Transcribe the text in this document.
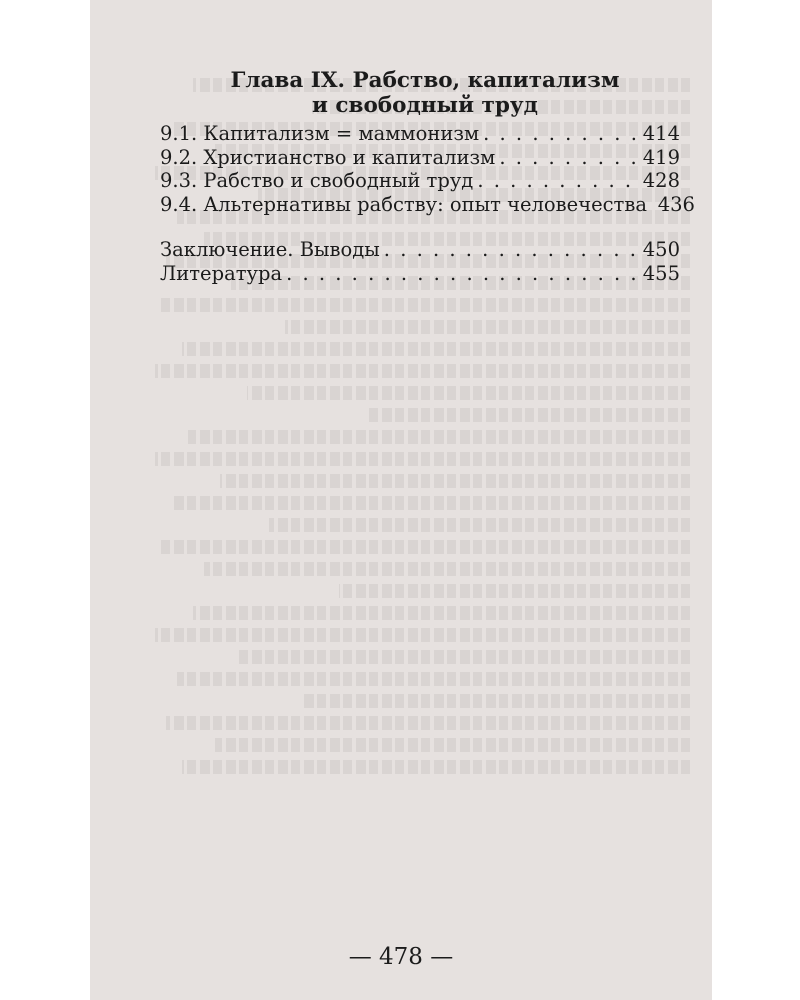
Глава IX. Рабство, капитализм
и свободный труд
9.1. Капитализм = маммонизм . . .	414
9.2. Христианство и капитализм . . .	419
9.3. Рабство и свободный труд . . .	428
9.4. Альтернативы рабству: опыт человечества 436
Заключение. Выводы . . .	450
Литература . . .	455
— 478 —
